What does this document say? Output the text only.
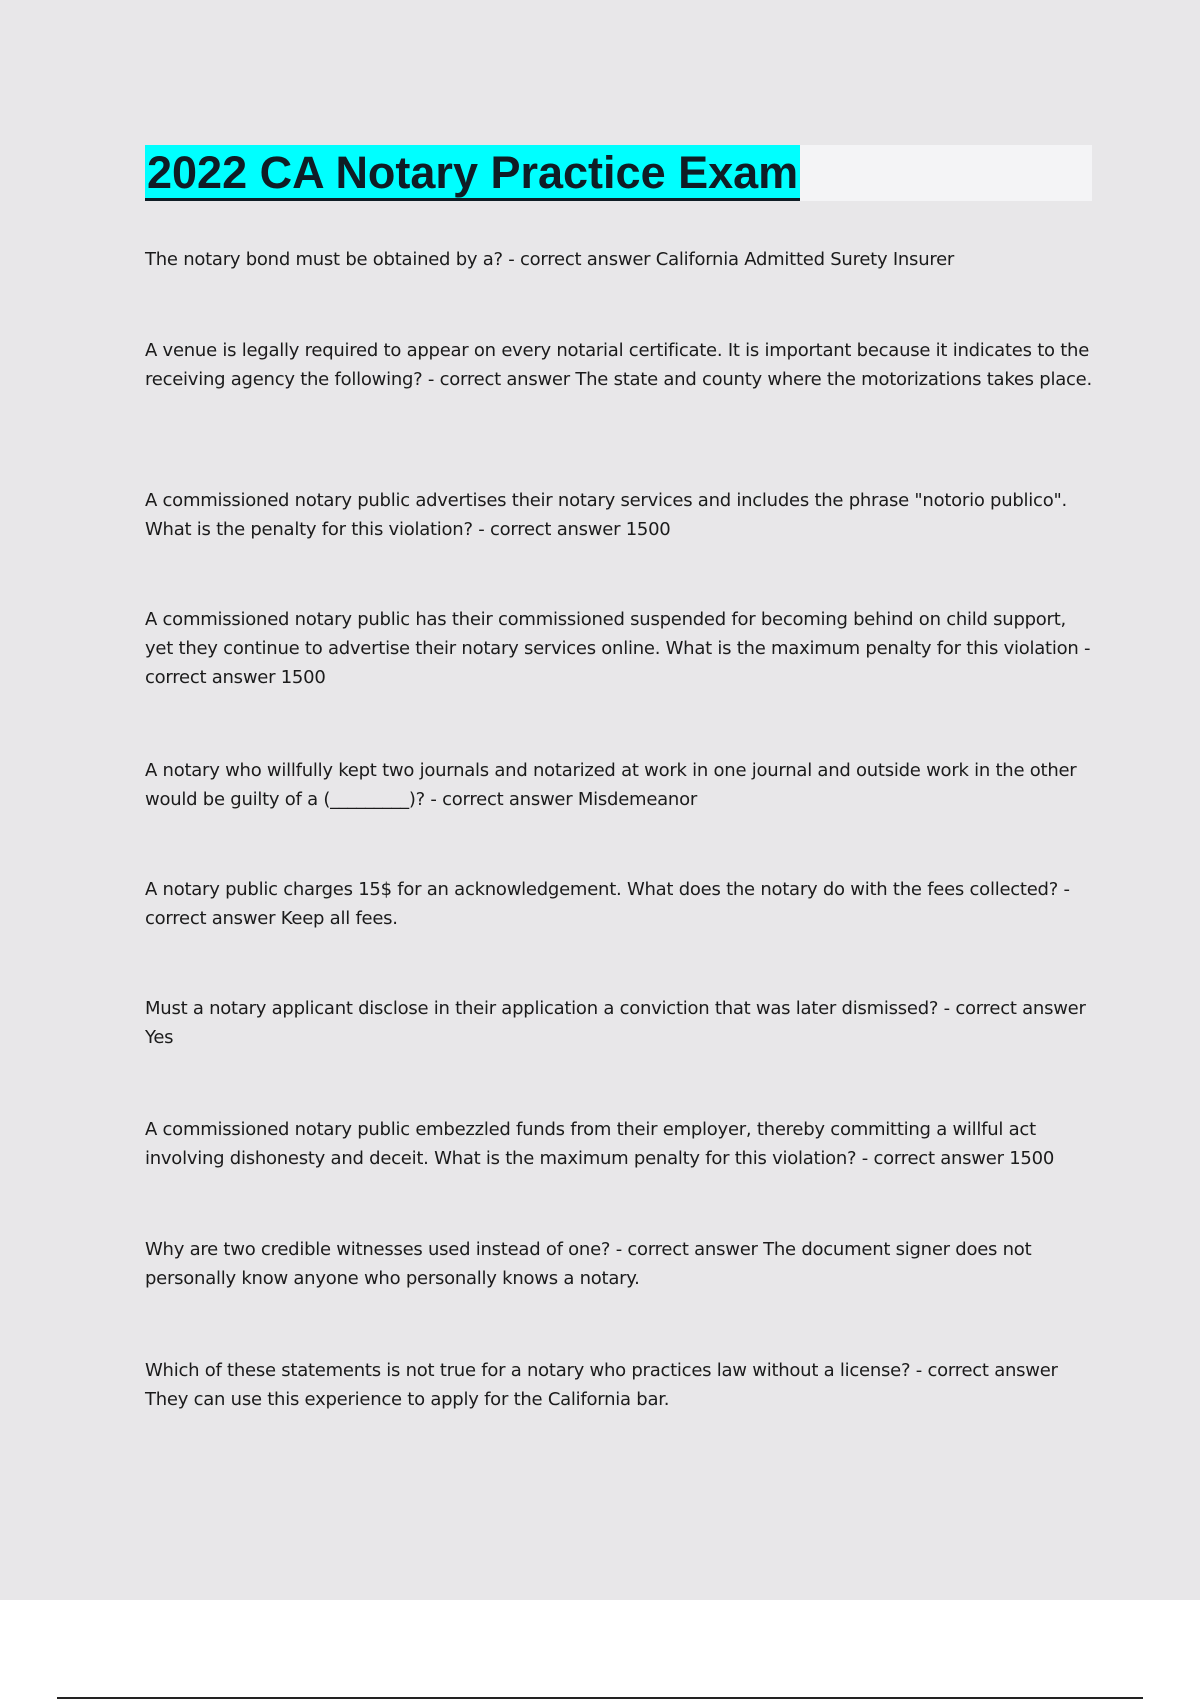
2022 CA Notary Practice Exam

The notary bond must be obtained by a? - correct answer California Admitted Surety Insurer

A venue is legally required to appear on every notarial certificate. It is important because it indicates to the receiving agency the following? - correct answer The state and county where the motorizations takes place.

A commissioned notary public advertises their notary services and includes the phrase "notorio publico". What is the penalty for this violation? - correct answer 1500

A commissioned notary public has their commissioned suspended for becoming behind on child support, yet they continue to advertise their notary services online. What is the maximum penalty for this violation - correct answer 1500

A notary who willfully kept two journals and notarized at work in one journal and outside work in the other would be guilty of a (_________)? - correct answer Misdemeanor

A notary public charges 15$ for an acknowledgement. What does the notary do with the fees collected? - correct answer Keep all fees.

Must a notary applicant disclose in their application a conviction that was later dismissed? - correct answer Yes

A commissioned notary public embezzled funds from their employer, thereby committing a willful act involving dishonesty and deceit. What is the maximum penalty for this violation? - correct answer 1500

Why are two credible witnesses used instead of one? - correct answer The document signer does not personally know anyone who personally knows a notary.

Which of these statements is not true for a notary who practices law without a license? - correct answer They can use this experience to apply for the California bar.
